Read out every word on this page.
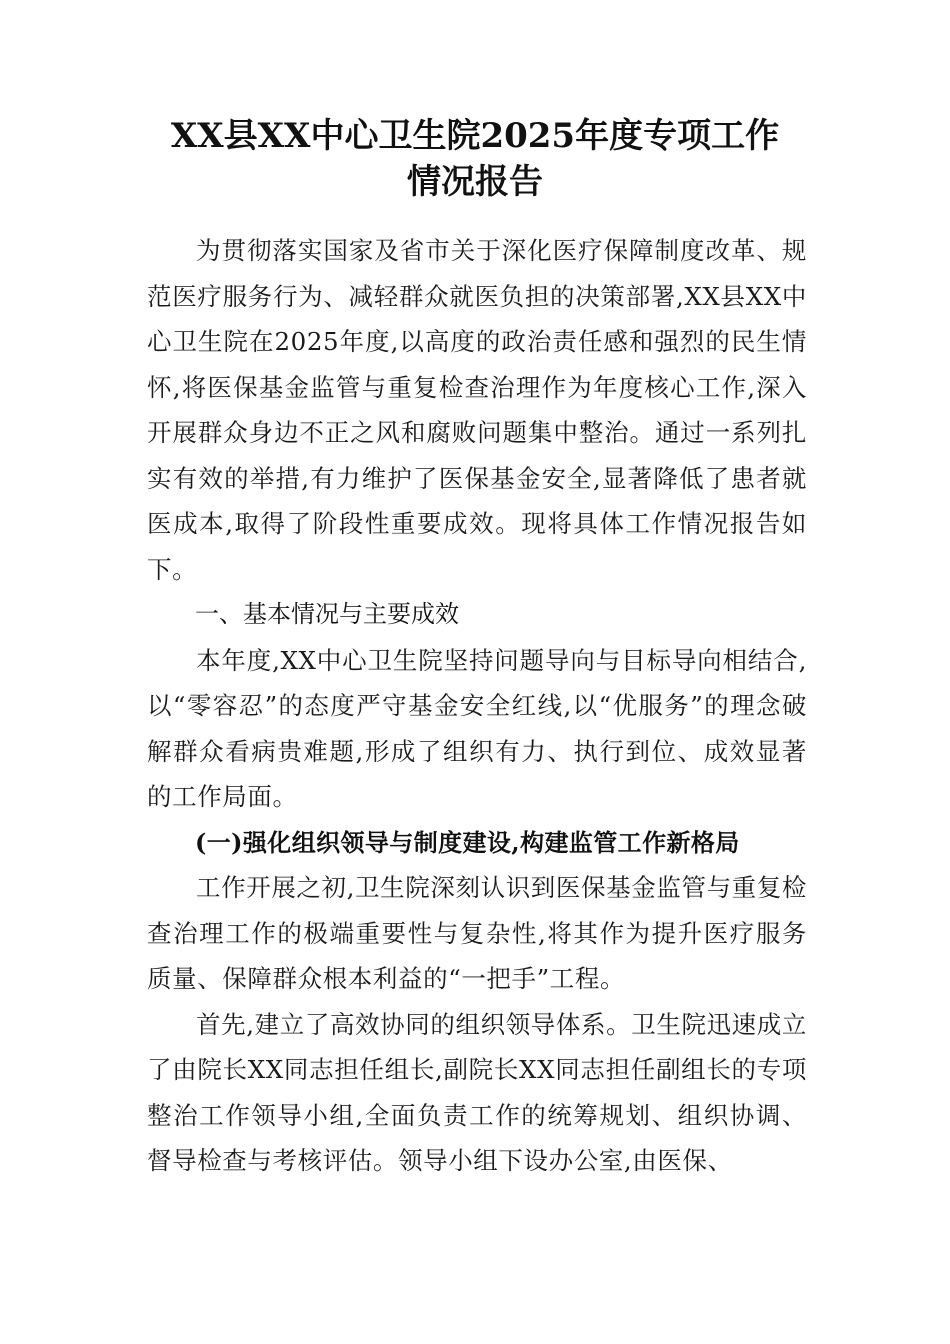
XX县XX中心卫生院2025年度专项工作
情况报告

为贯彻落实国家及省市关于深化医疗保障制度改革、规范医疗服务行为、减轻群众就医负担的决策部署,XX县XX中心卫生院在2025年度,以高度的政治责任感和强烈的民生情怀,将医保基金监管与重复检查治理作为年度核心工作,深入开展群众身边不正之风和腐败问题集中整治。通过一系列扎实有效的举措,有力维护了医保基金安全,显著降低了患者就医成本,取得了阶段性重要成效。现将具体工作情况报告如下。

一、基本情况与主要成效

本年度,XX中心卫生院坚持问题导向与目标导向相结合,以“零容忍”的态度严守基金安全红线,以“优服务”的理念破解群众看病贵难题,形成了组织有力、执行到位、成效显著的工作局面。

(一)强化组织领导与制度建设,构建监管工作新格局

工作开展之初,卫生院深刻认识到医保基金监管与重复检查治理工作的极端重要性与复杂性,将其作为提升医疗服务质量、保障群众根本利益的“一把手”工程。

首先,建立了高效协同的组织领导体系。卫生院迅速成立了由院长XX同志担任组长,副院长XX同志担任副组长的专项整治工作领导小组,全面负责工作的统筹规划、组织协调、督导检查与考核评估。领导小组下设办公室,由医保、
